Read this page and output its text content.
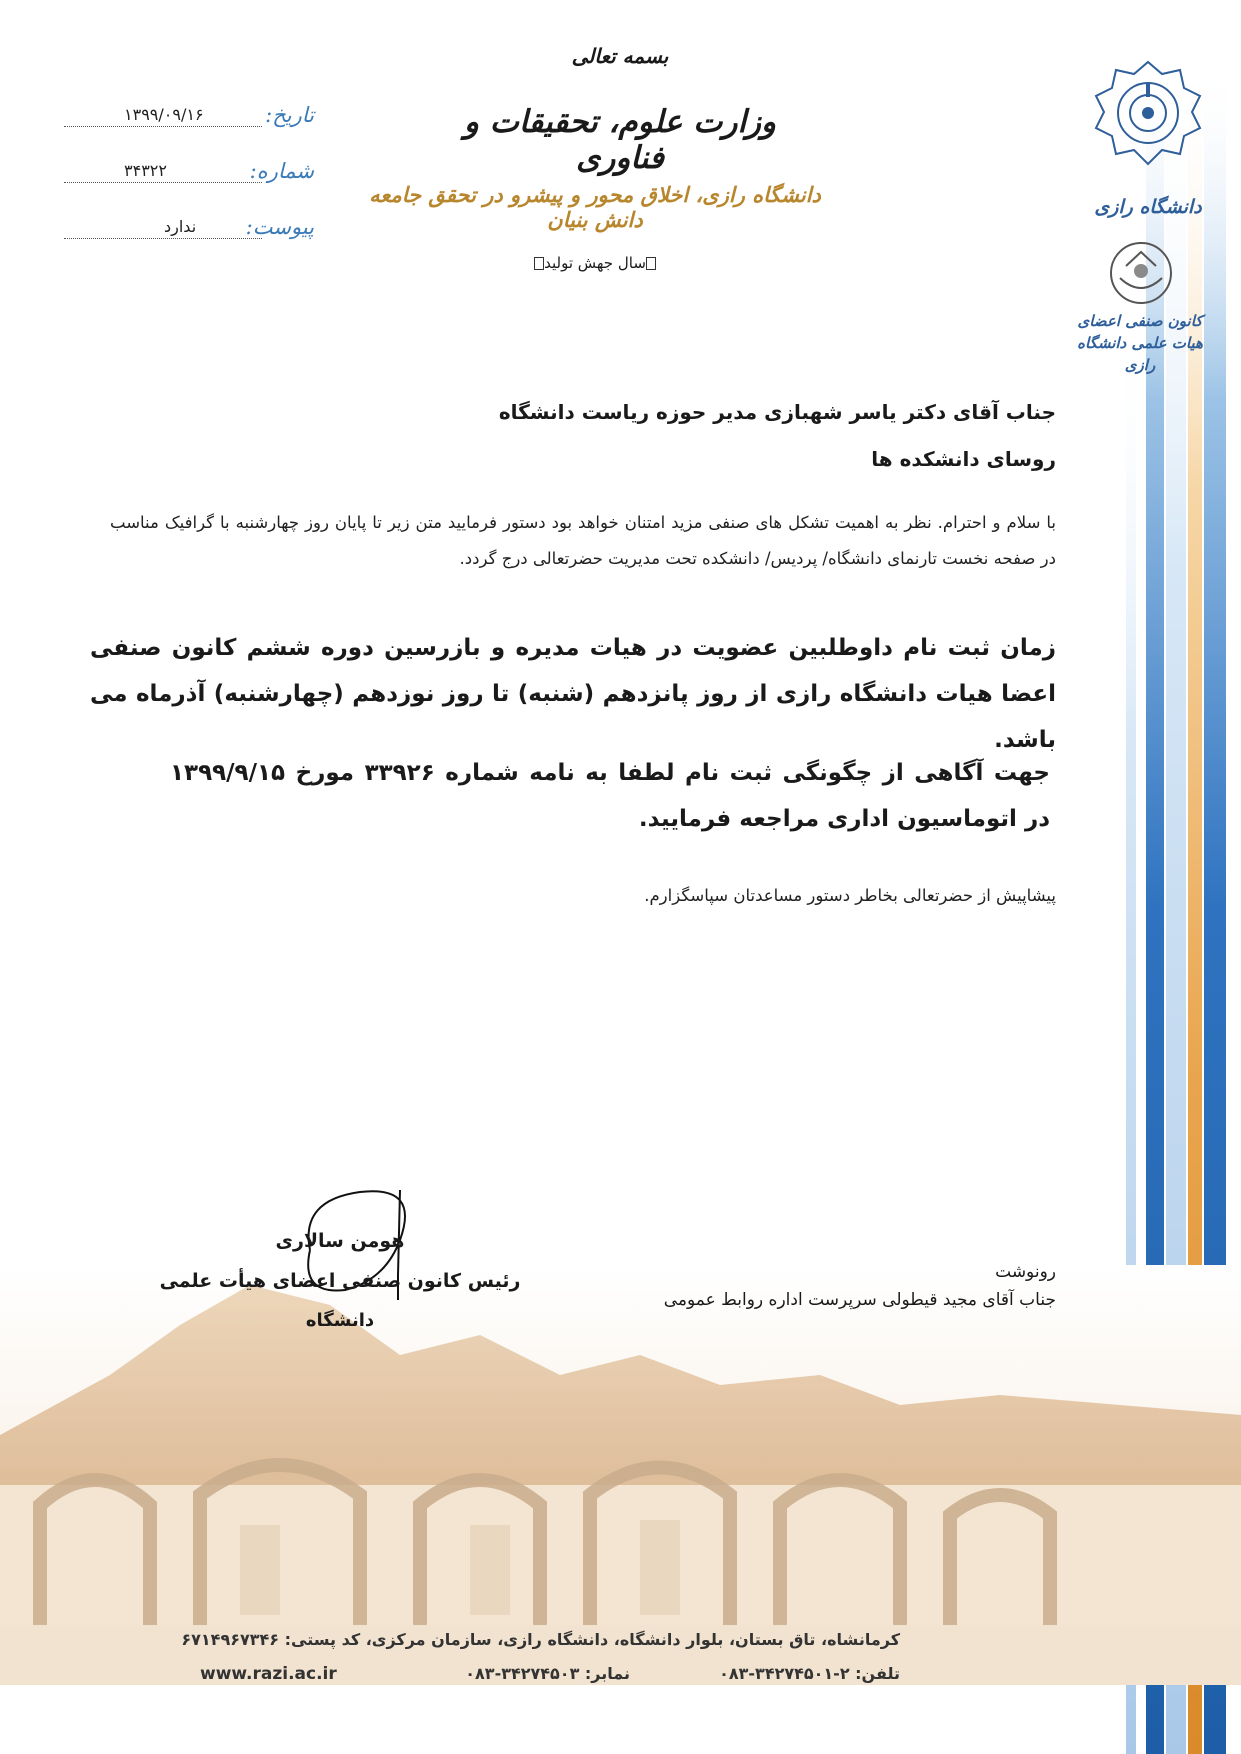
بسمه تعالی
وزارت علوم، تحقیقات و فناوری
دانشگاه رازی، اخلاق محور و پیشرو در تحقق جامعه دانش بنیان
سال جهش تولید
تاریخ:
۱۳۹۹/۰۹/۱۶
شماره:
۳۴۳۲۲
پیوست:
ندارد
دانشگاه رازی
کانون صنفی اعضای هیات علمی دانشگاه رازی
جناب آقای دکتر یاسر شهبازی مدیر حوزه ریاست دانشگاه
روسای دانشکده ها
با سلام و احترام. نظر به اهمیت تشکل های صنفی مزید امتنان خواهد بود دستور فرمایید متن زیر تا پایان روز چهارشنبه با گرافیک مناسب در صفحه نخست تارنمای دانشگاه/ پردیس/ دانشکده تحت مدیریت حضرتعالی درج گردد.
زمان ثبت نام داوطلبین عضویت در هیات مدیره و بازرسین دوره ششم کانون صنفی اعضا هیات دانشگاه رازی از روز پانزدهم (شنبه) تا روز نوزدهم (چهارشنبه) آذرماه می باشد.
جهت آگاهی از چگونگی ثبت نام لطفا به نامه شماره ۳۳۹۲۶ مورخ ۱۳۹۹/۹/۱۵ در اتوماسیون اداری مراجعه فرمایید.
پیشاپیش از حضرتعالی بخاطر دستور مساعدتان سپاسگزارم.
هومن سالاری
رئیس کانون صنفی اعضای هیأت علمی
دانشگاه
رونوشت
جناب آقای مجید قیطولی سرپرست اداره روابط عمومی
کرمانشاه، تاق بستان، بلوار دانشگاه، دانشگاه رازی، سازمان مرکزی، کد پستی: ۶۷۱۴۹۶۷۳۴۶
تلفن: ۲-۳۴۲۷۴۵۰۱-۰۸۳
نمابر: ۳۴۲۷۴۵۰۳-۰۸۳
www.razi.ac.ir
